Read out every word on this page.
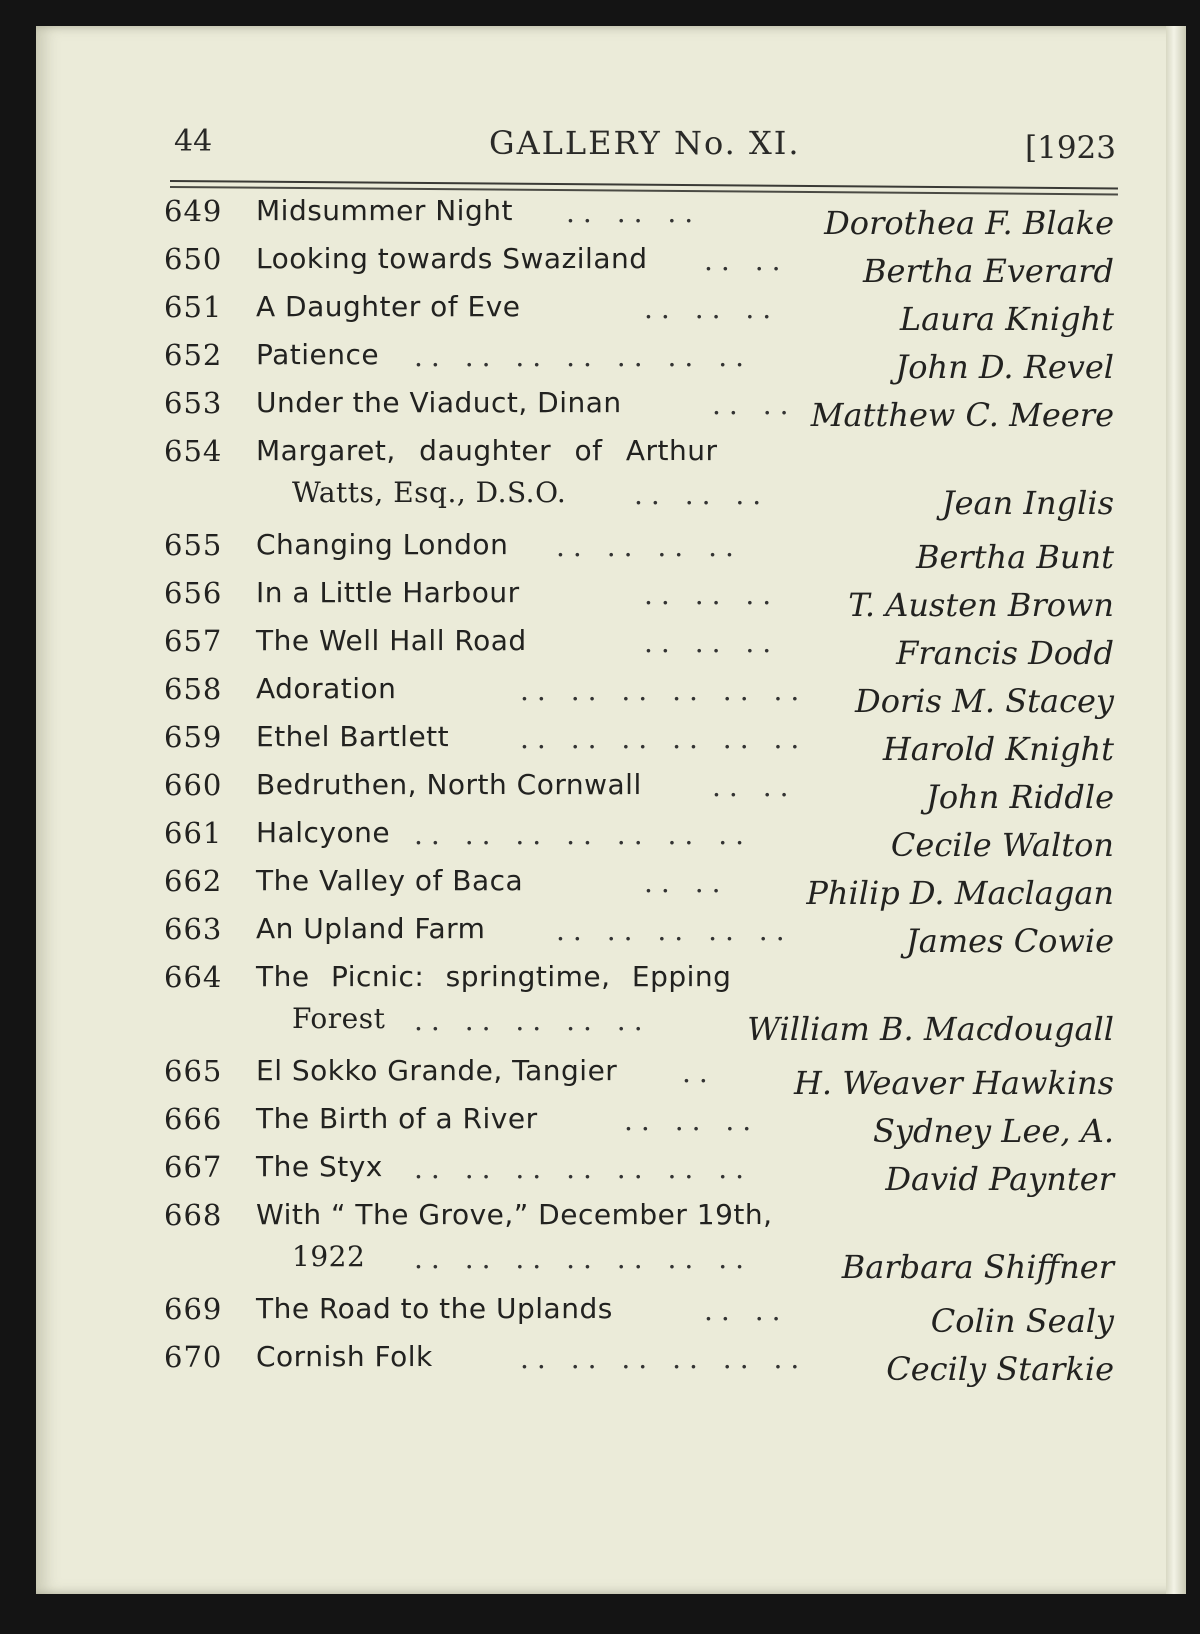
44	GALLERY No. XI.	[1923
649	Midsummer Night .. .. ..	Dorothea F. Blake
650	Looking towards Swaziland .. .. Bertha Everard
651	A Daughter of Eve	.. .. ..	Laura Knight
652	Patience .. .. .. .. .. .. ..	John D. Revel
653	Under the Viaduct, Dinan	.. .. Matthew C. Meere
654	Margaret, daughter of Arthur
Watts, Esq., D.S.O. .. .. ..	Jean Inglis
655	Changing London .. .. .. ..	Bertha Bunt
656	In a Little Harbour	.. .. .. T. Austen Brown
657	The Well Hall Road	.. .. ..	Francis Dodd
658	Adoration	.. .. .. .. .. .. Doris M. Stacey
659	Ethel Bartlett	.. .. .. .. .. .. Harold Knight
660	Bedruthen, North Cornwall	.. ..	John Riddle
661	Halcyone .. .. .. .. .. .. ..	Cecile Walton
662	The Valley of Baca	.. .. Philip D. Maclagan
663	An Upland Farm	.. .. .. .. ..	James Cowie
664	The Picnic: springtime, Epping
Forest .. .. .. .. ..	William B. Macdougall
665	El Sokko Grande, Tangier .. H. Weaver Hawkins
666	The Birth of a River	.. .. ..	Sydney Lee, A.
667	The Styx .. .. .. .. .. .. ..	David Paynter
668	With “ The Grove,” December 19th,
1922 .. .. .. .. .. .. ..	Barbara Shiffner
669	The Road to the Uplands	.. ..	Colin Sealy
670	Cornish Folk	.. .. .. .. .. .. Cecily Starkie
